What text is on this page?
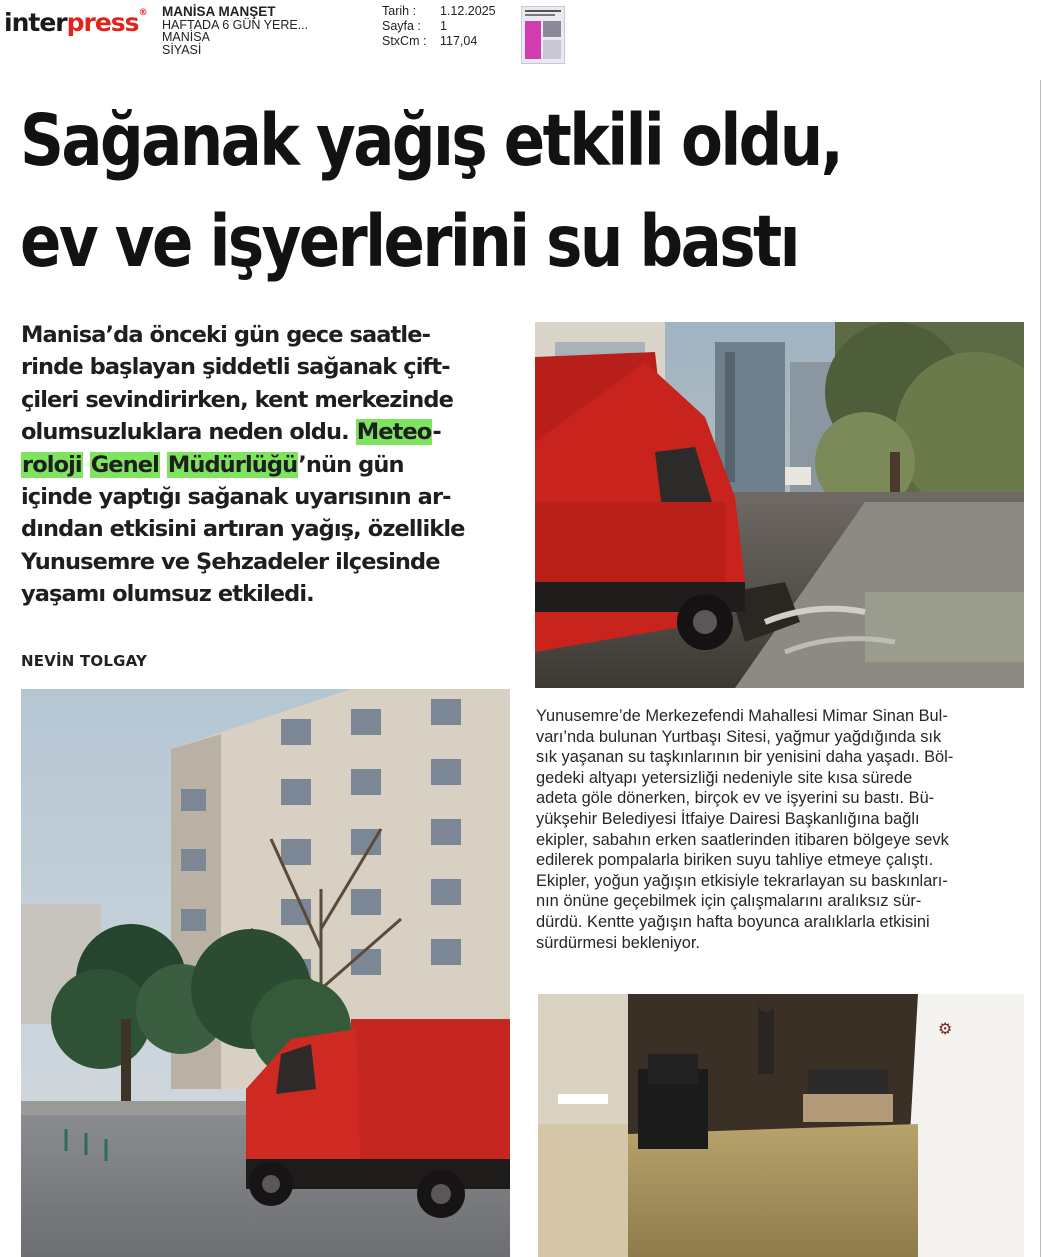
interpress® MANİSA MANŞET
HAFTADA 6 GÜN YERE...
MANİSA
SİYASİ
Tarih : 1.12.2025
Sayfa : 1
StxCm : 117,04
Sağanak yağış etkili oldu,
ev ve işyerlerini su bastı
Manisa’da önceki gün gece saatle-
rinde başlayan şiddetli sağanak çift-
çileri sevindirirken, kent merkezinde
olumsuzluklara neden oldu. Meteo-
roloji Genel Müdürlüğü’nün gün
içinde yaptığı sağanak uyarısının ar-
dından etkisini artıran yağış, özellikle
Yunusemre ve Şehzadeler ilçesinde
yaşamı olumsuz etkiledi.
NEVİN TOLGAY
Yunusemre’de Merkezefendi Mahallesi Mimar Sinan Bul-
varı’nda bulunan Yurtbaşı Sitesi, yağmur yağdığında sık
sık yaşanan su taşkınlarının bir yenisini daha yaşadı. Böl-
gedeki altyapı yetersizliği nedeniyle site kısa sürede
adeta göle dönerken, birçok ev ve işyerini su bastı. Bü-
yükşehir Belediyesi İtfaiye Dairesi Başkanlığına bağlı
ekipler, sabahın erken saatlerinden itibaren bölgeye sevk
edilerek pompalarla biriken suyu tahliye etmeye çalıştı.
Ekipler, yoğun yağışın etkisiyle tekrarlayan su baskınları-
nın önüne geçebilmek için çalışmalarını aralıksız sür-
dürdü. Kentte yağışın hafta boyunca aralıklarla etkisini
sürdürmesi bekleniyor.
⚙
